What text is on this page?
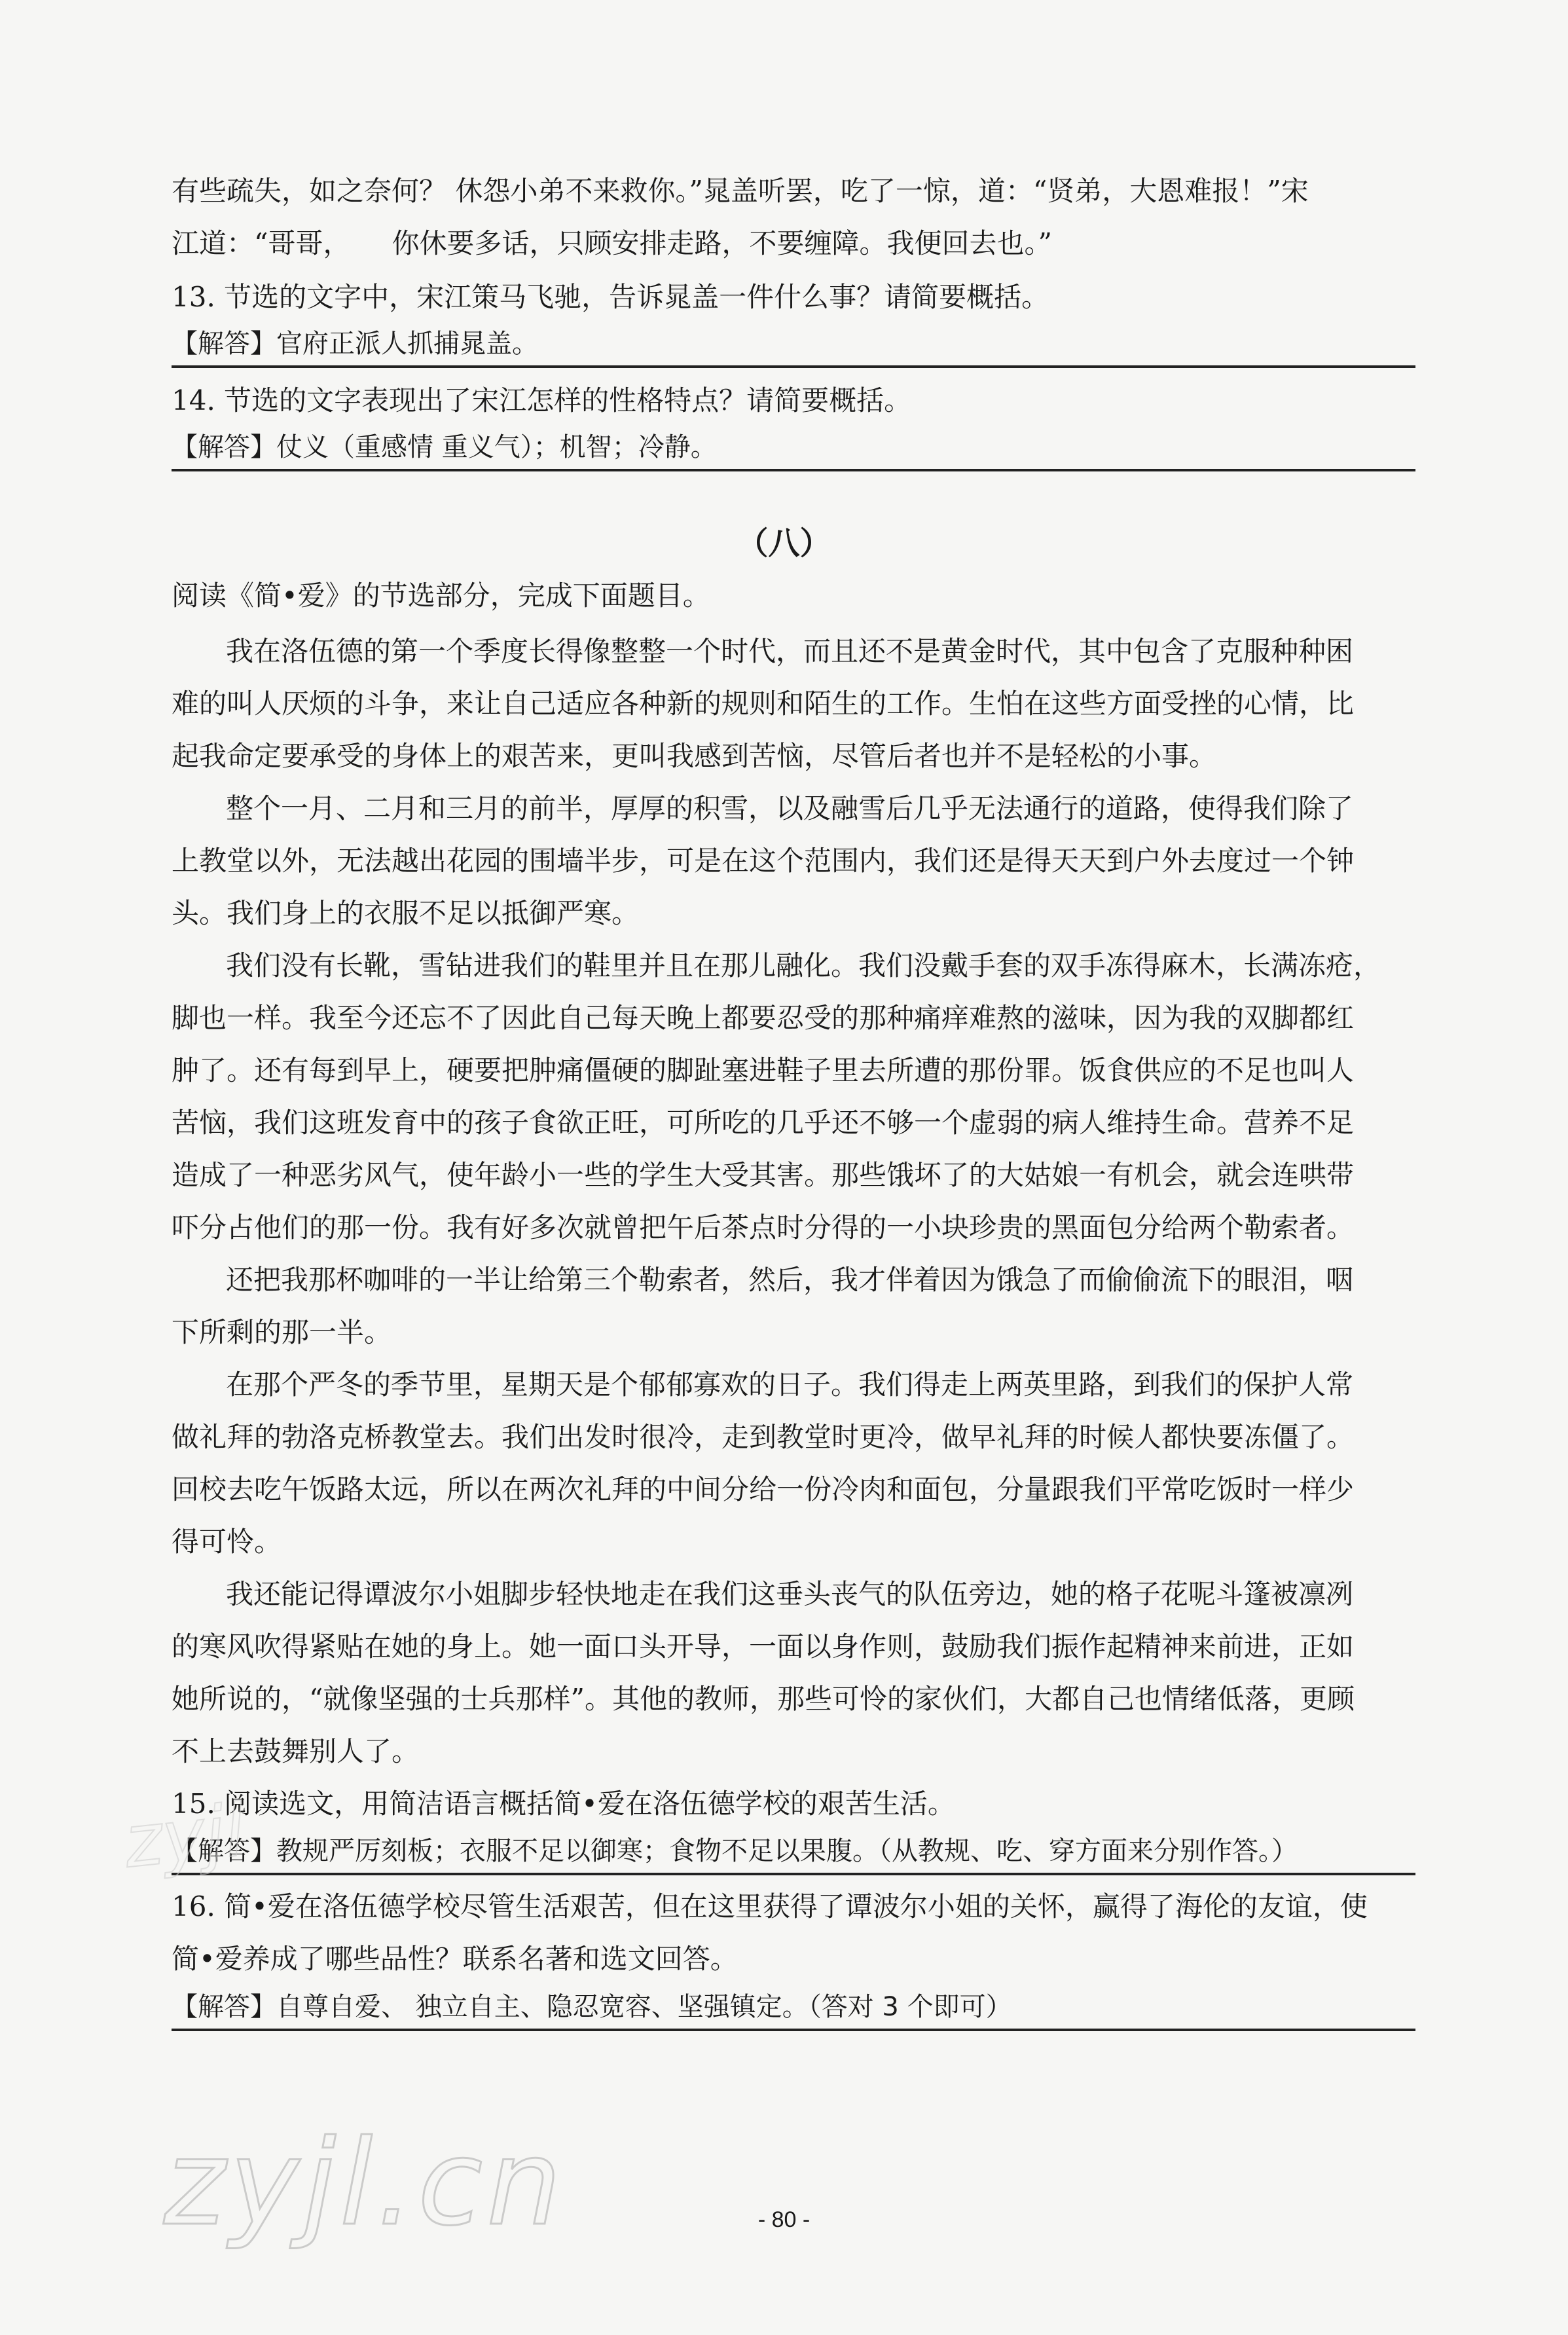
有些疏失，如之奈何？ 休怨小弟不来救你。”晁盖听罢，吃了一惊，道：“贤弟，大恩难报！”宋
江道：“哥哥，　　你休要多话，只顾安排走路，不要缠障。我便回去也。”
13. 节选的文字中，宋江策马飞驰，告诉晁盖一件什么事？请简要概括。
【解答】官府正派人抓捕晁盖。
14. 节选的文字表现出了宋江怎样的性格特点？请简要概括。
【解答】仗义（重感情 重义气）；机智；冷静。
（八）
阅读《简•爱》的节选部分，完成下面题目。
我在洛伍德的第一个季度长得像整整一个时代，而且还不是黄金时代，其中包含了克服种种困
难的叫人厌烦的斗争，来让自己适应各种新的规则和陌生的工作。生怕在这些方面受挫的心情，比
起我命定要承受的身体上的艰苦来，更叫我感到苦恼，尽管后者也并不是轻松的小事。
整个一月、二月和三月的前半，厚厚的积雪，以及融雪后几乎无法通行的道路，使得我们除了
上教堂以外，无法越出花园的围墙半步，可是在这个范围内，我们还是得天天到户外去度过一个钟
头。我们身上的衣服不足以抵御严寒。
我们没有长靴，雪钻进我们的鞋里并且在那儿融化。我们没戴手套的双手冻得麻木，长满冻疮，
脚也一样。我至今还忘不了因此自己每天晚上都要忍受的那种痛痒难熬的滋味，因为我的双脚都红
肿了。还有每到早上，硬要把肿痛僵硬的脚趾塞进鞋子里去所遭的那份罪。饭食供应的不足也叫人
苦恼，我们这班发育中的孩子食欲正旺，可所吃的几乎还不够一个虚弱的病人维持生命。营养不足
造成了一种恶劣风气，使年龄小一些的学生大受其害。那些饿坏了的大姑娘一有机会，就会连哄带
吓分占他们的那一份。我有好多次就曾把午后茶点时分得的一小块珍贵的黑面包分给两个勒索者。
还把我那杯咖啡的一半让给第三个勒索者，然后，我才伴着因为饿急了而偷偷流下的眼泪，咽
下所剩的那一半。
在那个严冬的季节里，星期天是个郁郁寡欢的日子。我们得走上两英里路，到我们的保护人常
做礼拜的勃洛克桥教堂去。我们出发时很冷，走到教堂时更冷，做早礼拜的时候人都快要冻僵了。
回校去吃午饭路太远，所以在两次礼拜的中间分给一份冷肉和面包，分量跟我们平常吃饭时一样少
得可怜。
我还能记得谭波尔小姐脚步轻快地走在我们这垂头丧气的队伍旁边，她的格子花呢斗篷被凛冽
的寒风吹得紧贴在她的身上。她一面口头开导，一面以身作则，鼓励我们振作起精神来前进，正如
她所说的，“就像坚强的士兵那样”。其他的教师，那些可怜的家伙们，大都自己也情绪低落，更顾
不上去鼓舞别人了。
15. 阅读选文，用简洁语言概括简•爱在洛伍德学校的艰苦生活。
【解答】教规严厉刻板；衣服不足以御寒；食物不足以果腹。（从教规、吃、穿方面来分别作答。）
16. 简•爱在洛伍德学校尽管生活艰苦，但在这里获得了谭波尔小姐的关怀，赢得了海伦的友谊，使
简•爱养成了哪些品性？联系名著和选文回答。
【解答】自尊自爱、 独立自主、隐忍宽容、坚强镇定。（答对 3 个即可）
zyjl
zyjl.cn	- 80 -
